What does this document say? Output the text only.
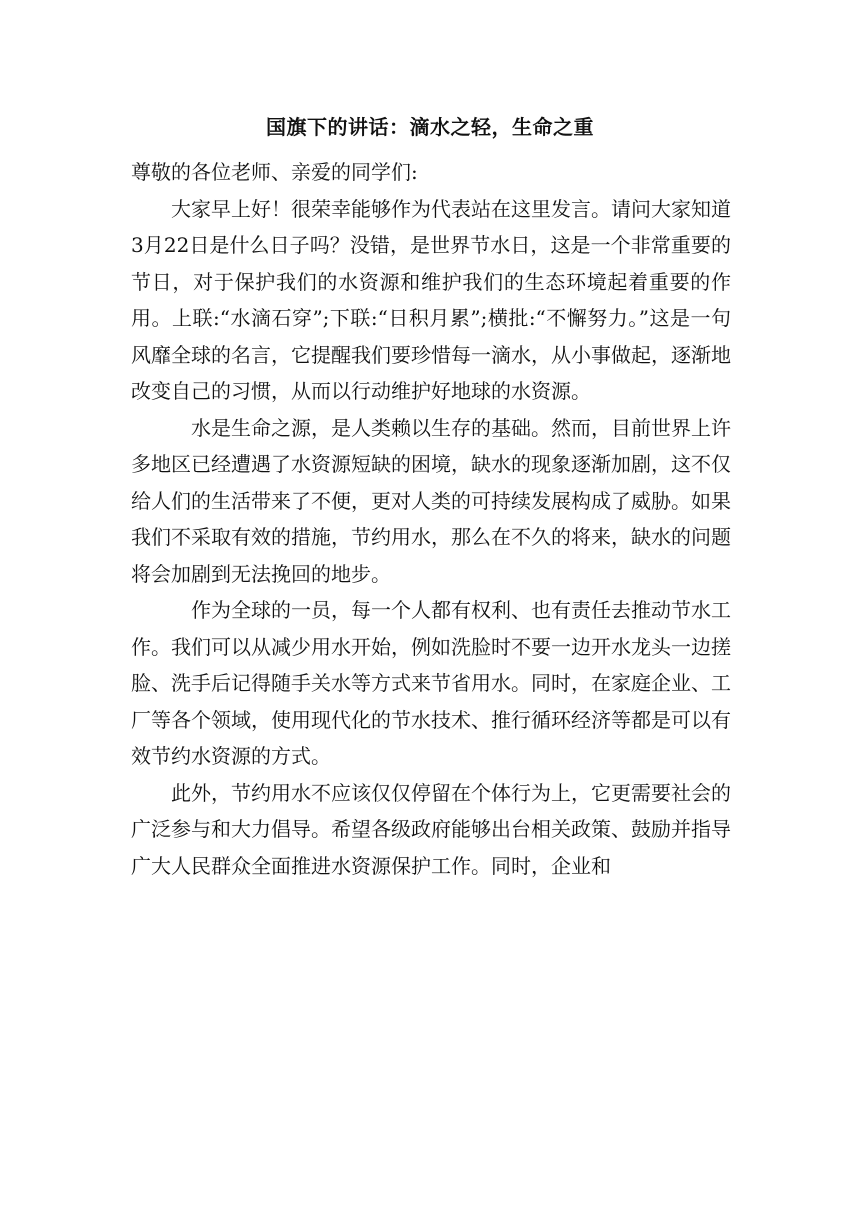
国旗下的讲话：滴水之轻，生命之重

尊敬的各位老师、亲爱的同学们:

大家早上好！很荣幸能够作为代表站在这里发言。请问大家知道3月22日是什么日子吗？没错，是世界节水日，这是一个非常重要的节日，对于保护我们的水资源和维护我们的生态环境起着重要的作用。上联:“水滴石穿”;下联:“日积月累”;横批:“不懈努力。”这是一句风靡全球的名言，它提醒我们要珍惜每一滴水，从小事做起，逐渐地改变自己的习惯，从而以行动维护好地球的水资源。

水是生命之源，是人类赖以生存的基础。然而，目前世界上许多地区已经遭遇了水资源短缺的困境，缺水的现象逐渐加剧，这不仅给人们的生活带来了不便，更对人类的可持续发展构成了威胁。如果我们不采取有效的措施，节约用水，那么在不久的将来，缺水的问题将会加剧到无法挽回的地步。

作为全球的一员，每一个人都有权利、也有责任去推动节水工作。我们可以从减少用水开始，例如洗脸时不要一边开水龙头一边搓脸、洗手后记得随手关水等方式来节省用水。同时，在家庭企业、工厂等各个领域，使用现代化的节水技术、推行循环经济等都是可以有效节约水资源的方式。

此外，节约用水不应该仅仅停留在个体行为上，它更需要社会的广泛参与和大力倡导。希望各级政府能够出台相关政策、鼓励并指导广大人民群众全面推进水资源保护工作。同时，企业和
